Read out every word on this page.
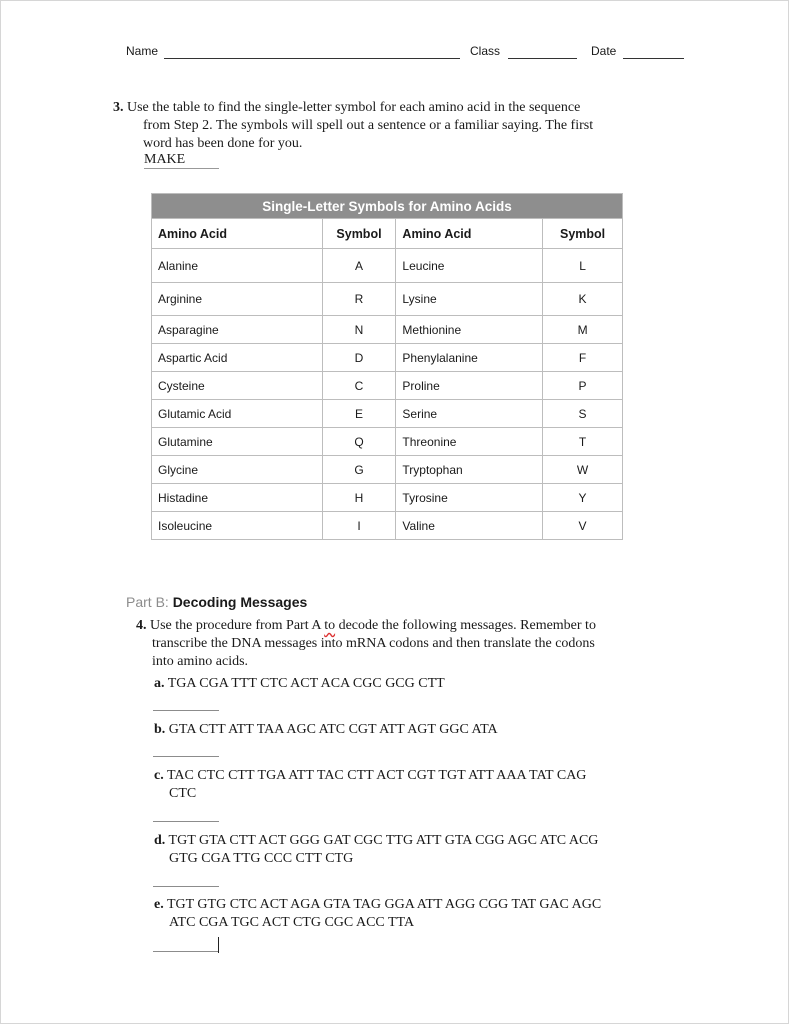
Name	Class	Date
3. Use the table to find the single-letter symbol for each amino acid in the sequence
from Step 2. The symbols will spell out a sentence or a familiar saying. The first
word has been done for you.
MAKE
Single-Letter Symbols for Amino Acids			
Amino Acid	Symbol	Amino Acid	Symbol
Alanine	A	Leucine	L
Arginine	R	Lysine	K
Asparagine	N	Methionine	M
Aspartic Acid	D	Phenylalanine	F
Cysteine	C	Proline	P
Glutamic Acid	E	Serine	S
Glutamine	Q	Threonine	T
Glycine	G	Tryptophan	W
Histadine	H	Tyrosine	Y
Isoleucine	I	Valine	V
Part B: Decoding Messages
4. Use the procedure from Part A to decode the following messages. Remember to
transcribe the DNA messages into mRNA codons and then translate the codons
into amino acids.
a. TGA CGA TTT CTC ACT ACA CGC GCG CTT
b. GTA CTT ATT TAA AGC ATC CGT ATT AGT GGC ATA
c. TAC CTC CTT TGA ATT TAC CTT ACT CGT TGT ATT AAA TAT CAG
CTC
d. TGT GTA CTT ACT GGG GAT CGC TTG ATT GTA CGG AGC ATC ACG
GTG CGA TTG CCC CTT CTG
e. TGT GTG CTC ACT AGA GTA TAG GGA ATT AGG CGG TAT GAC AGC
ATC CGA TGC ACT CTG CGC ACC TTA
